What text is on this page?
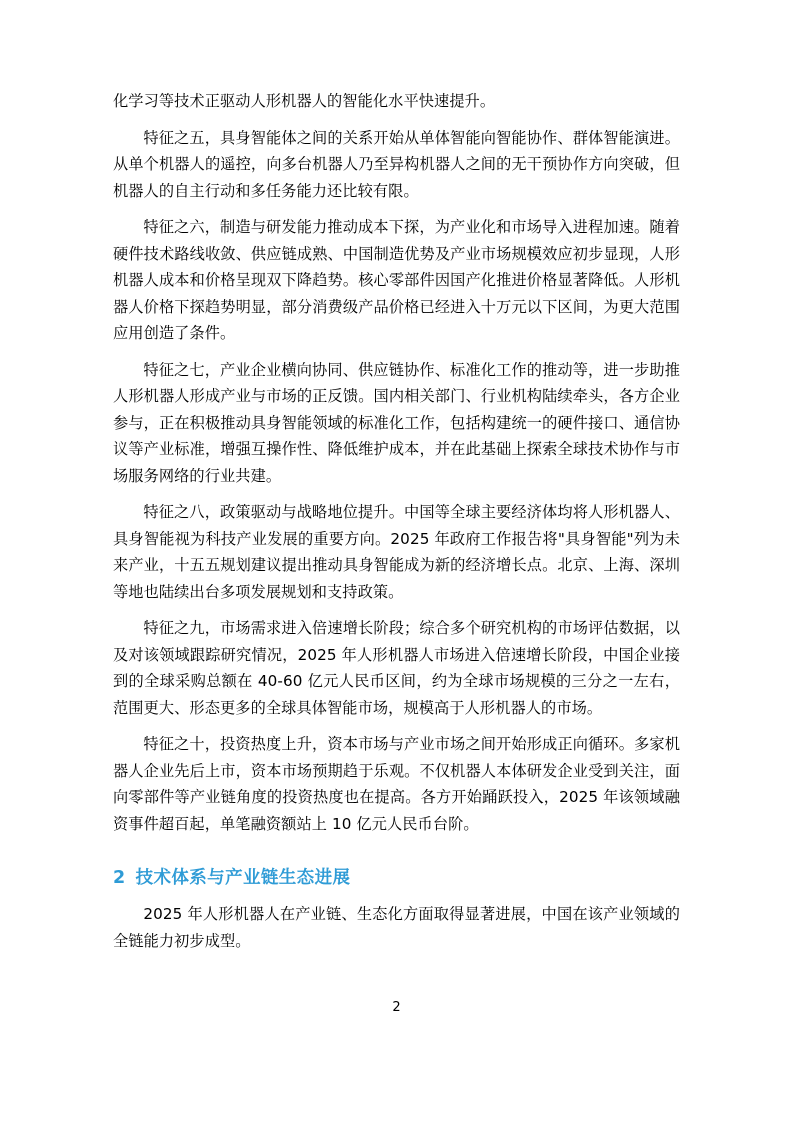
化学习等技术正驱动人形机器人的智能化水平快速提升。

特征之五，具身智能体之间的关系开始从单体智能向智能协作、群体智能演进。从单个机器人的遥控，向多台机器人乃至异构机器人之间的无干预协作方向突破，但机器人的自主行动和多任务能力还比较有限。

特征之六，制造与研发能力推动成本下探，为产业化和市场导入进程加速。随着硬件技术路线收敛、供应链成熟、中国制造优势及产业市场规模效应初步显现，人形机器人成本和价格呈现双下降趋势。核心零部件因国产化推进价格显著降低。人形机器人价格下探趋势明显，部分消费级产品价格已经进入十万元以下区间，为更大范围应用创造了条件。

特征之七，产业企业横向协同、供应链协作、标准化工作的推动等，进一步助推人形机器人形成产业与市场的正反馈。国内相关部门、行业机构陆续牵头，各方企业参与，正在积极推动具身智能领域的标准化工作，包括构建统一的硬件接口、通信协议等产业标准，增强互操作性、降低维护成本，并在此基础上探索全球技术协作与市场服务网络的行业共建。

特征之八，政策驱动与战略地位提升。中国等全球主要经济体均将人形机器人、具身智能视为科技产业发展的重要方向。2025 年政府工作报告将"具身智能"列为未来产业，十五五规划建议提出推动具身智能成为新的经济增长点。北京、上海、深圳等地也陆续出台多项发展规划和支持政策。

特征之九，市场需求进入倍速增长阶段；综合多个研究机构的市场评估数据，以及对该领域跟踪研究情况，2025 年人形机器人市场进入倍速增长阶段，中国企业接到的全球采购总额在 40-60 亿元人民币区间，约为全球市场规模的三分之一左右，范围更大、形态更多的全球具体智能市场，规模高于人形机器人的市场。

特征之十，投资热度上升，资本市场与产业市场之间开始形成正向循环。多家机器人企业先后上市，资本市场预期趋于乐观。不仅机器人本体研发企业受到关注，面向零部件等产业链角度的投资热度也在提高。各方开始踊跃投入，2025 年该领域融资事件超百起，单笔融资额站上 10 亿元人民币台阶。

2 技术体系与产业链生态进展

2025 年人形机器人在产业链、生态化方面取得显著进展，中国在该产业领域的全链能力初步成型。

2
